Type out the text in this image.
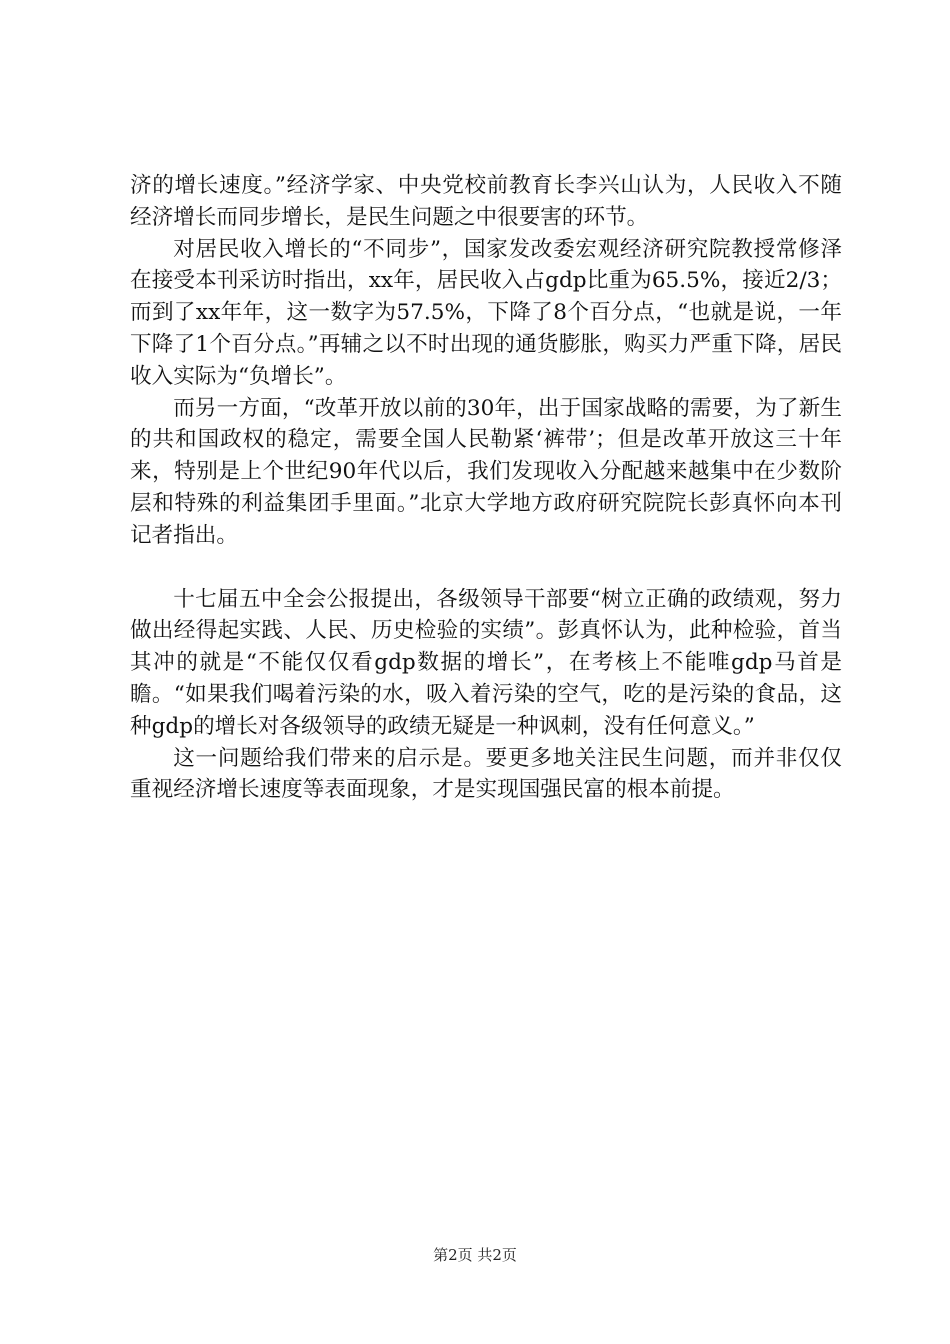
济的增长速度。”经济学家、中央党校前教育长李兴山认为，人民收入不随经济增长而同步增长，是民生问题之中很要害的环节。

对居民收入增长的“不同步”，国家发改委宏观经济研究院教授常修泽在接受本刊采访时指出，xx年，居民收入占gdp比重为65.5%，接近2/3；而到了xx年年，这一数字为57.5%，下降了8个百分点，“也就是说，一年下降了1个百分点。”再辅之以不时出现的通货膨胀，购买力严重下降，居民收入实际为“负增长”。

而另一方面，“改革开放以前的30年，出于国家战略的需要，为了新生的共和国政权的稳定，需要全国人民勒紧‘裤带’；但是改革开放这三十年来，特别是上个世纪90年代以后，我们发现收入分配越来越集中在少数阶层和特殊的利益集团手里面。”北京大学地方政府研究院院长彭真怀向本刊记者指出。

十七届五中全会公报提出，各级领导干部要“树立正确的政绩观，努力做出经得起实践、人民、历史检验的实绩”。彭真怀认为，此种检验，首当其冲的就是“不能仅仅看gdp数据的增长”，在考核上不能唯gdp马首是瞻。“如果我们喝着污染的水，吸入着污染的空气，吃的是污染的食品，这种gdp的增长对各级领导的政绩无疑是一种讽刺，没有任何意义。”

这一问题给我们带来的启示是。要更多地关注民生问题，而并非仅仅重视经济增长速度等表面现象，才是实现国强民富的根本前提。

第2页 共2页
